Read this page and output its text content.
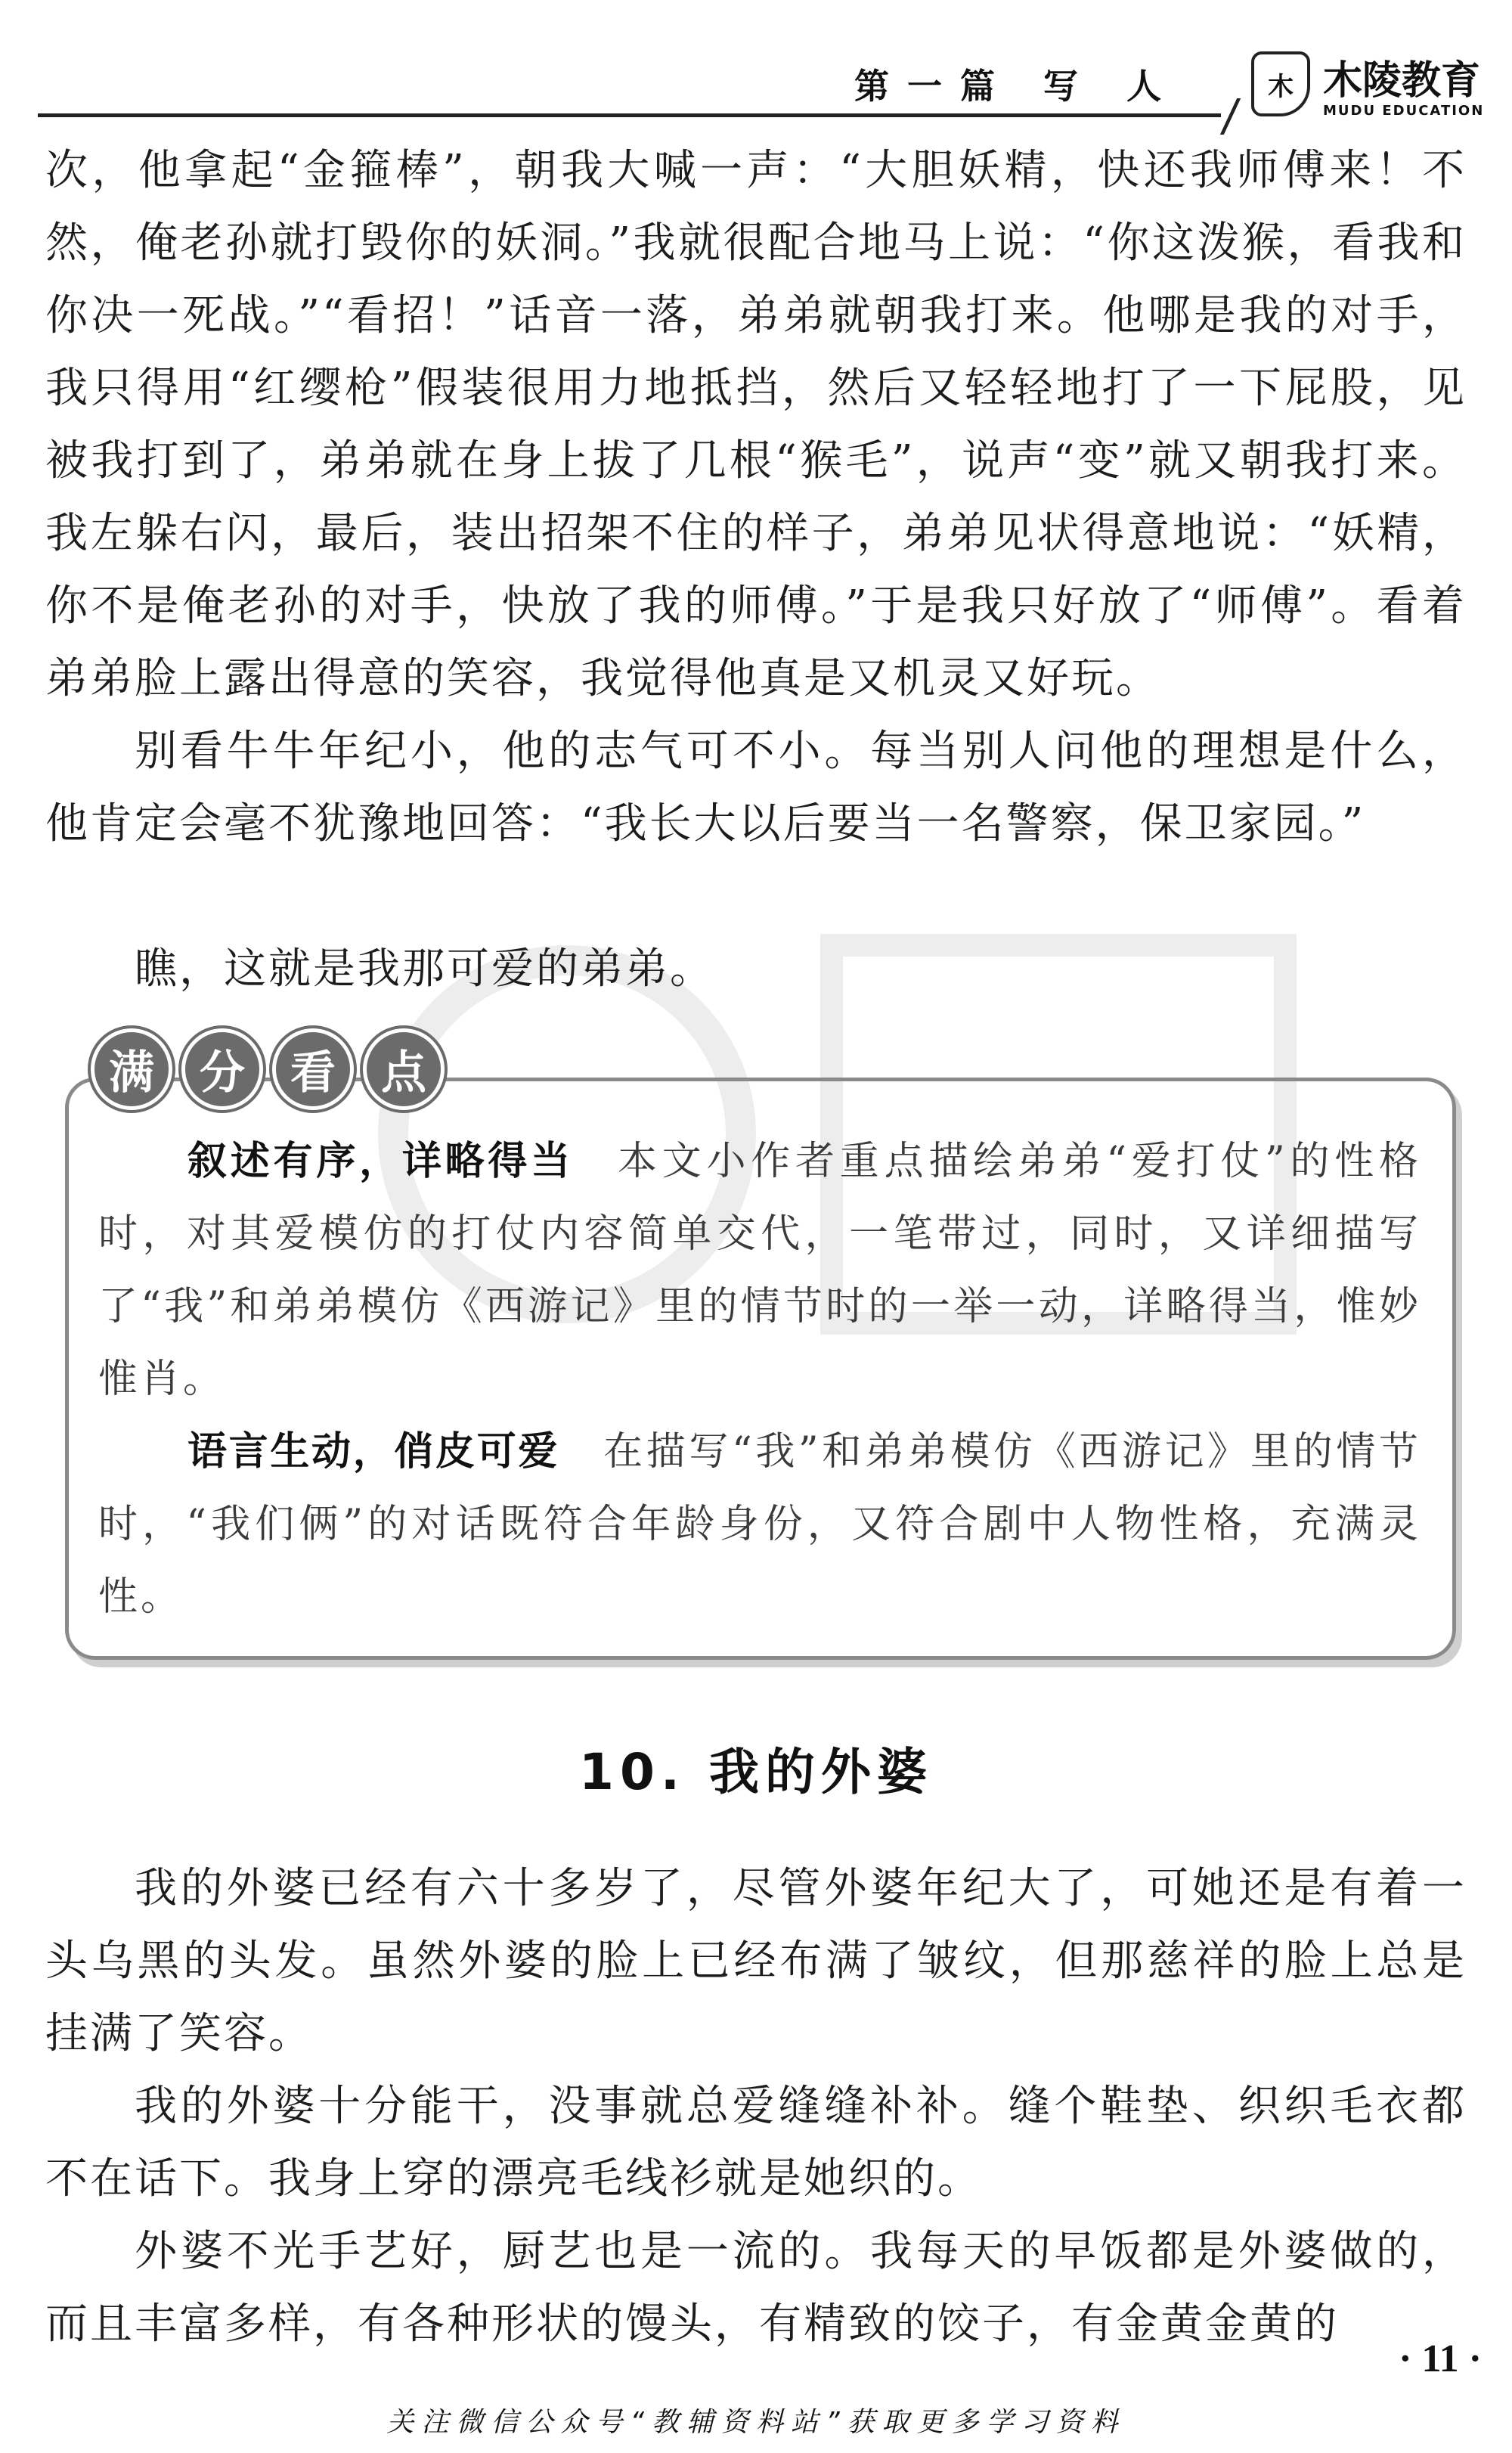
第一篇 写 人	木 木陵教育
MUDU EDUCATION

次，他拿起“金箍棒”，朝我大喊一声：“大胆妖精，快还我师傅来！不然，俺老孙就打毁你的妖洞。”我就很配合地马上说：“你这泼猴，看我和你决一死战。”“看招！”话音一落，弟弟就朝我打来。他哪是我的对手，我只得用“红缨枪”假装很用力地抵挡，然后又轻轻地打了一下屁股，见被我打到了，弟弟就在身上拔了几根“猴毛”，说声“变”就又朝我打来。我左躲右闪，最后，装出招架不住的样子，弟弟见状得意地说：“妖精，你不是俺老孙的对手，快放了我的师傅。”于是我只好放了“师傅”。看着弟弟脸上露出得意的笑容，我觉得他真是又机灵又好玩。

别看牛牛年纪小，他的志气可不小。每当别人问他的理想是什么，他肯定会毫不犹豫地回答：“我长大以后要当一名警察，保卫家园。”

瞧，这就是我那可爱的弟弟。

满	分	看	点

叙述有序，详略得当 本文小作者重点描绘弟弟“爱打仗”的性格时，对其爱模仿的打仗内容简单交代，一笔带过，同时，又详细描写了“我”和弟弟模仿《西游记》里的情节时的一举一动，详略得当，惟妙惟肖。

语言生动，俏皮可爱 在描写“我”和弟弟模仿《西游记》里的情节时，“我们俩”的对话既符合年龄身份，又符合剧中人物性格，充满灵性。

10. 我的外婆

我的外婆已经有六十多岁了，尽管外婆年纪大了，可她还是有着一头乌黑的头发。虽然外婆的脸上已经布满了皱纹，但那慈祥的脸上总是挂满了笑容。

我的外婆十分能干，没事就总爱缝缝补补。缝个鞋垫、织织毛衣都不在话下。我身上穿的漂亮毛线衫就是她织的。

外婆不光手艺好，厨艺也是一流的。我每天的早饭都是外婆做的，而且丰富多样，有各种形状的馒头，有精致的饺子，有金黄金黄的

· 11 ·
关注微信公众号“教辅资料站”获取更多学习资料
